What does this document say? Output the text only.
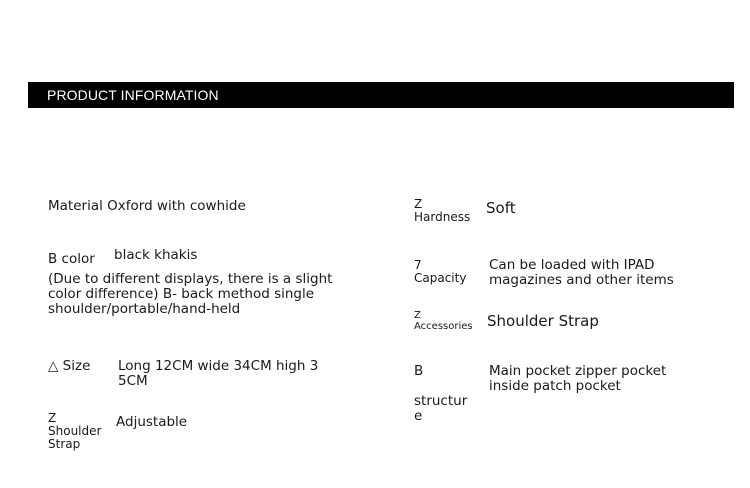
PRODUCT INFORMATION
Material Oxford with cowhide
B color black khakis
(Due to different displays, there is a slight
color difference) B- back method single
shoulder/portable/hand-held
△ Size Long 12CM wide 34CM high 3
5CM
Z
Shoulder
Strap
Adjustable
Z
Hardness Soft
7
Capacity
Can be loaded with IPAD
magazines and other items
Z
Accessories Shoulder Strap
B
structur
e
Main pocket zipper pocket
inside patch pocket
